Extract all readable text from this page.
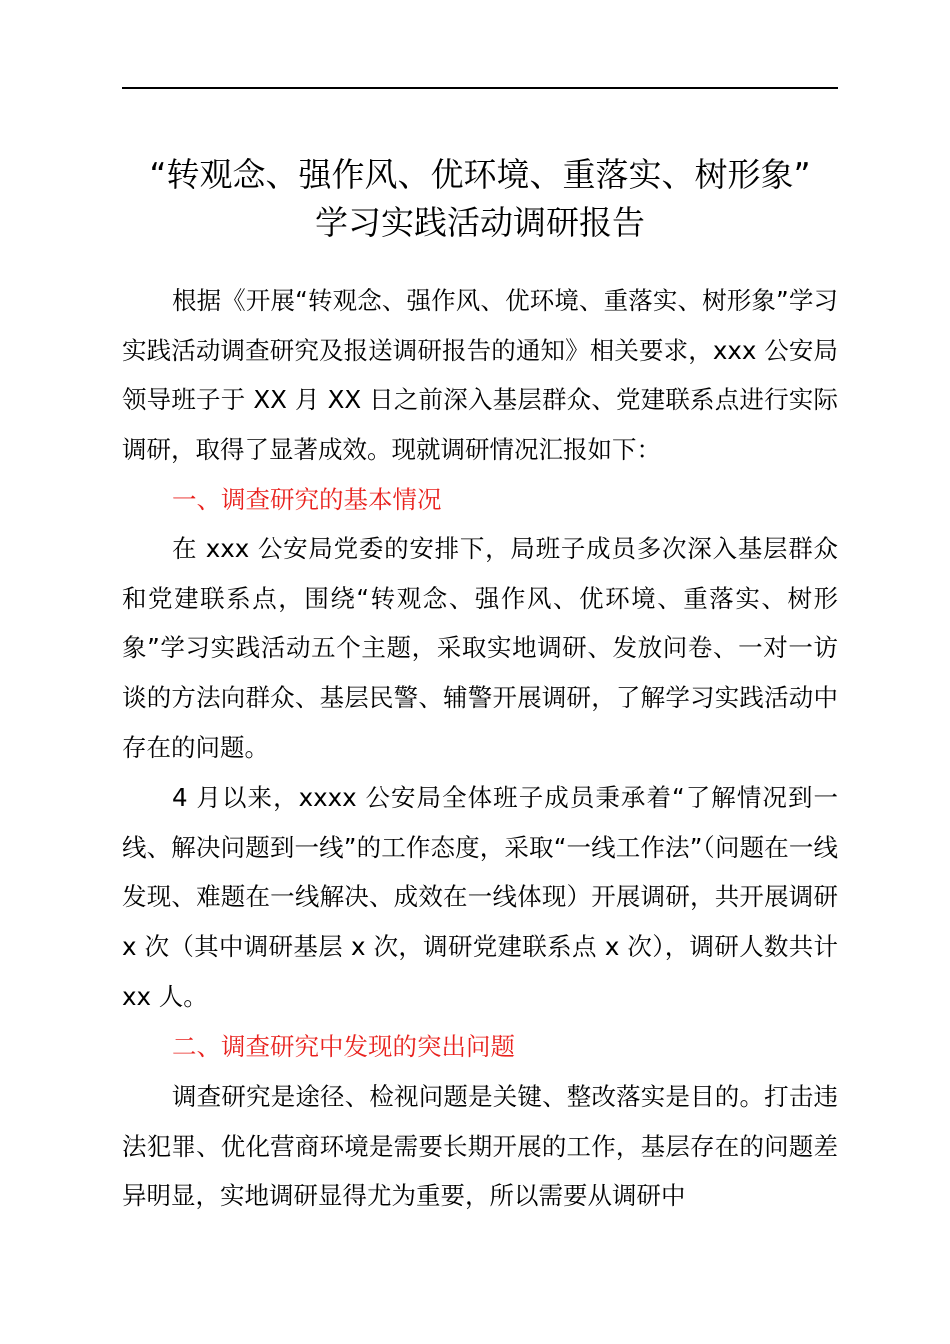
“转观念、强作风、优环境、重落实、树形象”
学习实践活动调研报告
根据《开展“转观念、强作风、优环境、重落实、树形象”学习实践活动调查研究及报送调研报告的通知》相关要求，xxx 公安局领导班子于 XX 月 XX 日之前深入基层群众、党建联系点进行实际调研，取得了显著成效。现就调研情况汇报如下：
一、调查研究的基本情况
在 xxx 公安局党委的安排下，局班子成员多次深入基层群众和党建联系点，围绕“转观念、强作风、优环境、重落实、树形象”学习实践活动五个主题，采取实地调研、发放问卷、一对一访谈的方法向群众、基层民警、辅警开展调研，了解学习实践活动中存在的问题。
4 月以来，xxxx 公安局全体班子成员秉承着“了解情况到一线、解决问题到一线”的工作态度，采取“一线工作法”（问题在一线发现、难题在一线解决、成效在一线体现）开展调研，共开展调研 x 次（其中调研基层 x 次，调研党建联系点 x 次），调研人数共计 xx 人。
二、调查研究中发现的突出问题
调查研究是途径、检视问题是关键、整改落实是目的。打击违法犯罪、优化营商环境是需要长期开展的工作，基层存在的问题差异明显，实地调研显得尤为重要，所以需要从调研中
